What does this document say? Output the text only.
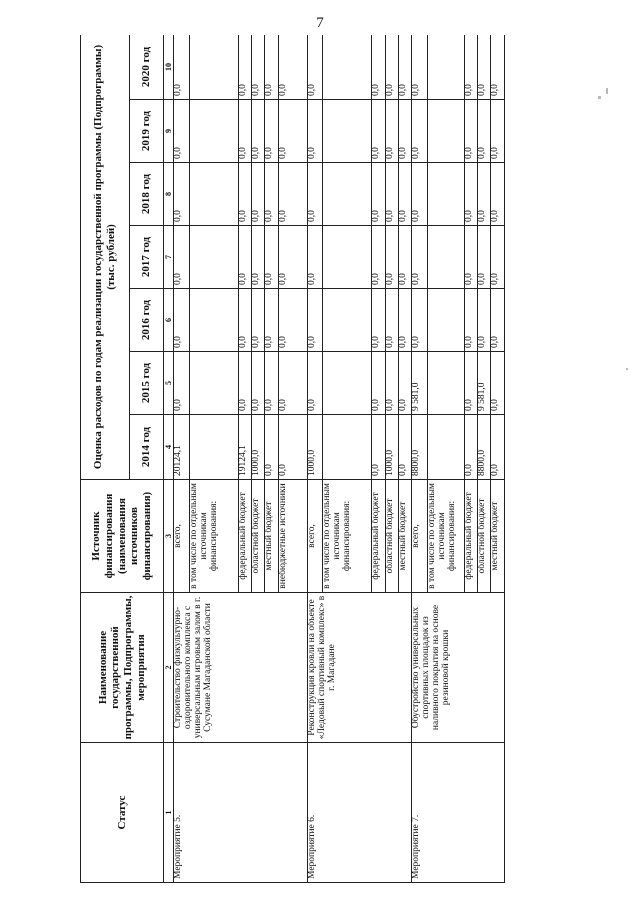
7
Статус	Наименование государственной программы, Подпрограммы, мероприятия	Источник финансирования (наименования источников финансирования)	Оценка расходов по годам реализации государственной программы (Подпрограммы) (тыс. рублей)						
			2014 год	2015 год	2016 год	2017 год	2018 год	2019 год	2020 год
1	2	3	4	5	6	7	8	9	10
Мероприятие 5.	Строительство физкультурно-оздоровительного комплекса с универсальным игровым залом в г. Сусумане Магаданской области	всего,	20124,1	0,0	0,0	0,0	0,0	0,0	0,0
		в том числе по отдельным источникам финансирования:							
		федеральный бюджет	19124,1	0,0	0,0	0,0	0,0	0,0	0,0
		областной бюджет	1000,0	0,0	0,0	0,0	0,0	0,0	0,0
		местный бюджет	0,0	0,0	0,0	0,0	0,0	0,0	0,0
		внебюджетные источники	0,0	0,0	0,0	0,0	0,0	0,0	0,0
Мероприятие 6.	Реконструкция кровли на объекте «Ледовый спортивный комплекс» в г. Магадане	всего,	1000,0	0,0	0,0	0,0	0,0	0,0	0,0
		в том числе по отдельным источникам финансирования:							
		федеральный бюджет	0,0	0,0	0,0	0,0	0,0	0,0	0,0
		областной бюджет	1000,0	0,0	0,0	0,0	0,0	0,0	0,0
		местный бюджет	0,0	0,0	0,0	0,0	0,0	0,0	0,0
Мероприятие 7.	Обустройство универсальных спортивных площадок из наливного покрытия на основе резиновой крошки	всего,	8800,0	9 581,0	0,0	0,0	0,0	0,0	0,0
		в том числе по отдельным источникам финансирования:							
		федеральный бюджет	0,0	0,0	0,0	0,0	0,0	0,0	0,0
		областной бюджет	8800,0	9 581,0	0,0	0,0	0,0	0,0	0,0
		местный бюджет	0,0	0,0	0,0	0,0	0,0	0,0	0,0
